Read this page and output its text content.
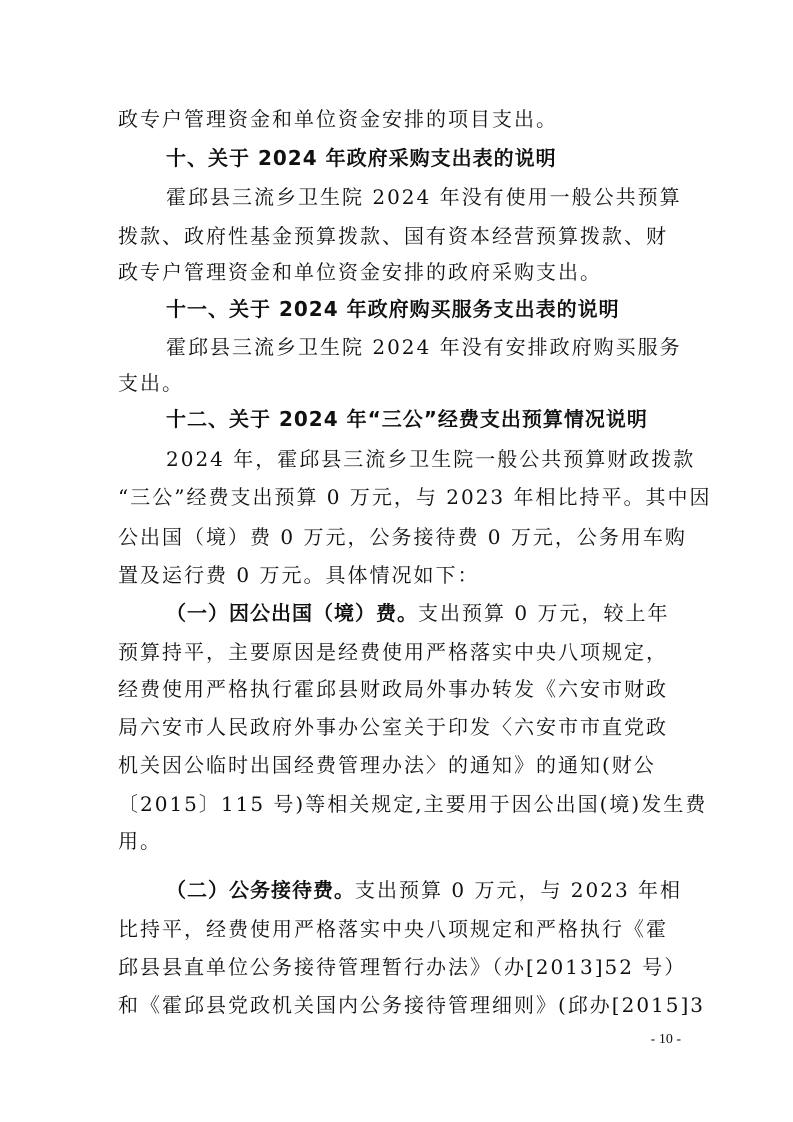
政专户管理资金和单位资金安排的项目支出。
十、关于 2024 年政府采购支出表的说明
霍邱县三流乡卫生院 2024 年没有使用一般公共预算
拨款、政府性基金预算拨款、国有资本经营预算拨款、财
政专户管理资金和单位资金安排的政府采购支出。
十一、关于 2024 年政府购买服务支出表的说明
霍邱县三流乡卫生院 2024 年没有安排政府购买服务
支出。
十二、关于 2024 年“三公”经费支出预算情况说明
2024 年，霍邱县三流乡卫生院一般公共预算财政拨款
“三公”经费支出预算 0 万元，与 2023 年相比持平。其中因
公出国（境）费 0 万元，公务接待费 0 万元，公务用车购
置及运行费 0 万元。具体情况如下：
（一）因公出国（境）费。支出预算 0 万元，较上年
预算持平，主要原因是经费使用严格落实中央八项规定，
经费使用严格执行霍邱县财政局外事办转发《六安市财政
局六安市人民政府外事办公室关于印发〈六安市市直党政
机关因公临时出国经费管理办法〉的通知》的通知(财公
〔2015〕115 号)等相关规定,主要用于因公出国(境)发生费
用。
（二）公务接待费。支出预算 0 万元，与 2023 年相
比持平，经费使用严格落实中央八项规定和严格执行《霍
邱县县直单位公务接待管理暂行办法》（办[2013]52 号）
和《霍邱县党政机关国内公务接待管理细则》(邱办[2015]3
- 10 -
